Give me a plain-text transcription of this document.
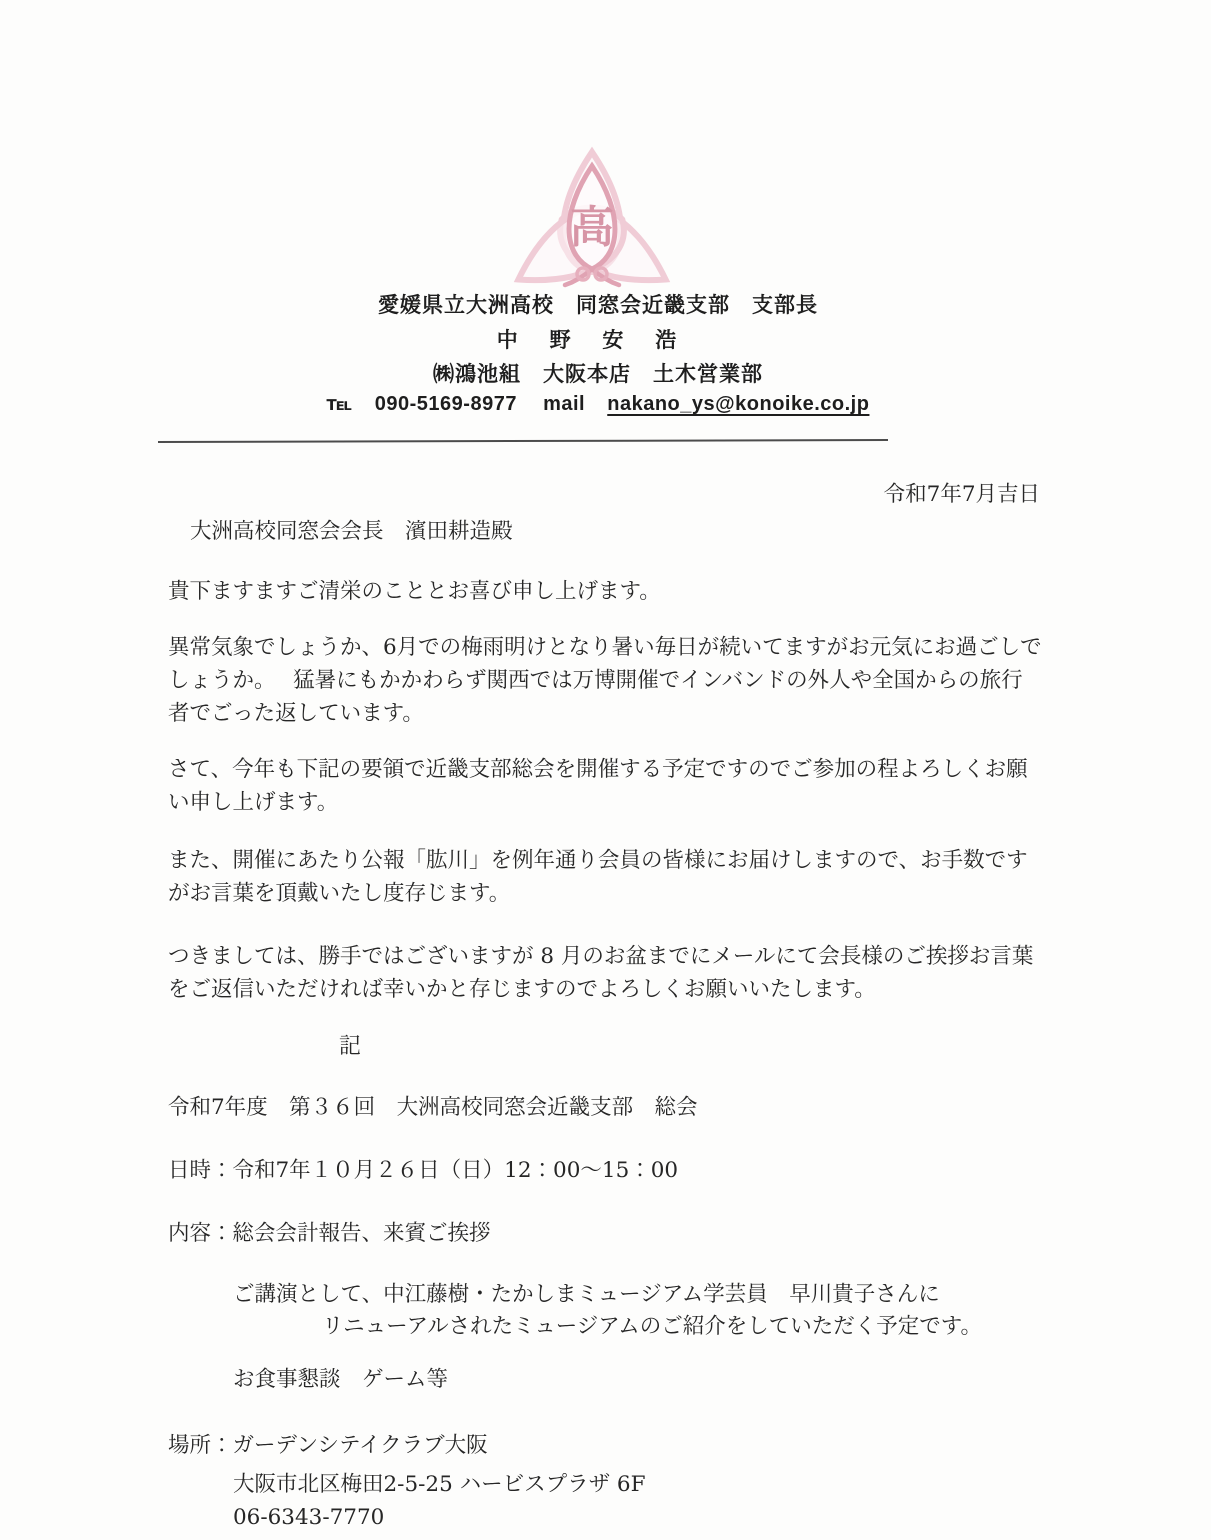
高
愛媛県立大洲高校　同窓会近畿支部　支部長
中 野 安 浩
㈱鴻池組　大阪本店　土木営業部
℡ 090-5169-8977 mail nakano_ys@konoike.co.jp
令和7年7月吉日
大洲高校同窓会会長　濱田耕造殿
貴下ますますご清栄のこととお喜び申し上げます。
異常気象でしょうか、6月での梅雨明けとなり暑い毎日が続いてますがお元気にお過ごしで
しょうか。　 猛暑にもかかわらず関西では万博開催でインバンドの外人や全国からの旅行
者でごった返しています。
さて、今年も下記の要領で近畿支部総会を開催する予定ですのでご参加の程よろしくお願
い申し上げます。
また、開催にあたり公報「肱川」を例年通り会員の皆様にお届けしますので、お手数です
がお言葉を頂戴いたし度存じます。
つきましては、勝手ではございますが 8 月のお盆までにメールにて会長様のご挨拶お言葉
をご返信いただければ幸いかと存じますのでよろしくお願いいたします。
記
令和7年度　第３６回　大洲高校同窓会近畿支部　総会
日時：令和7年１０月２６日（日）12：00～15：00
内容：総会会計報告、来賓ご挨拶
ご講演として、中江藤樹・たかしまミュージアム学芸員　早川貴子さんに
リニューアルされたミュージアムのご紹介をしていただく予定です。
お食事懇談　ゲーム等
場所：ガーデンシテイクラブ大阪
大阪市北区梅田2-5-25 ハービスプラザ 6F
06-6343-7770
